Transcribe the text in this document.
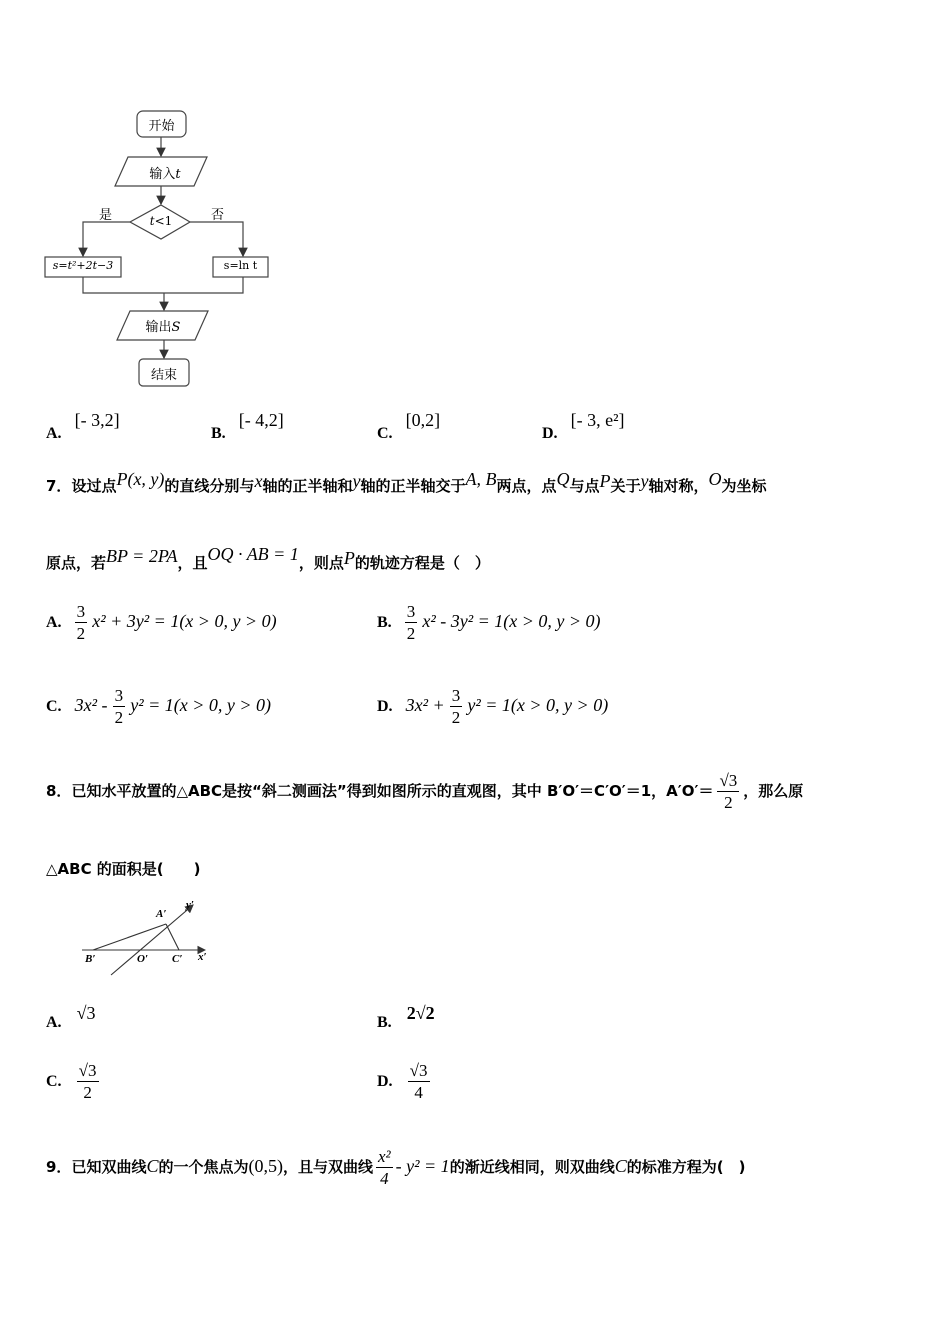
开始
输入t
t<1
是	否
s=t²+2t−3	s=ln t
输出S
结束
A. [- 3,2]
B. [- 4,2]
C. [0,2]
D. [- 3, e²]
7．设过点P(x, y)的直线分别与x轴的正半轴和y轴的正半轴交于A, B两点，点Q与点P关于y轴对称，O为坐标
原点，若BP = 2PA，且OQ · AB = 1，则点P的轨迹方程是（　）
A. $\frac{3}{2} x^2 + 3y^2 = 1(x > 0$, y > 0)	B. $\frac{3}{2} x^2 - 3y^2 = 1(x > 0$, y > 0)
C. $3x^2 - \frac{3}{2} y^2 = 1(x > 0$, y > 0)	D. $3x^2 + \frac{3}{2} y^2 = 1(x > 0$, y > 0)
8．已知水平放置的△ABC是按“斜二测画法”得到如图所示的直观图，其中 B′O′＝C′O′＝1，$A'O'= \frac{√3}{2}$ ，那么原
△ABC 的面积是(　　)
A′
y′
B′	O′ C′ x′
A. √3	B. 2√2
C. $\frac{√3}{2}$	D. $\frac{√3}{4}$
9．已知双曲线C的一个焦点为(0,5)，且与双曲线 $\frac{\text{x²}}{4} - y^2 = 1$的渐近线相同，则双曲线C的标准方程为(　)
